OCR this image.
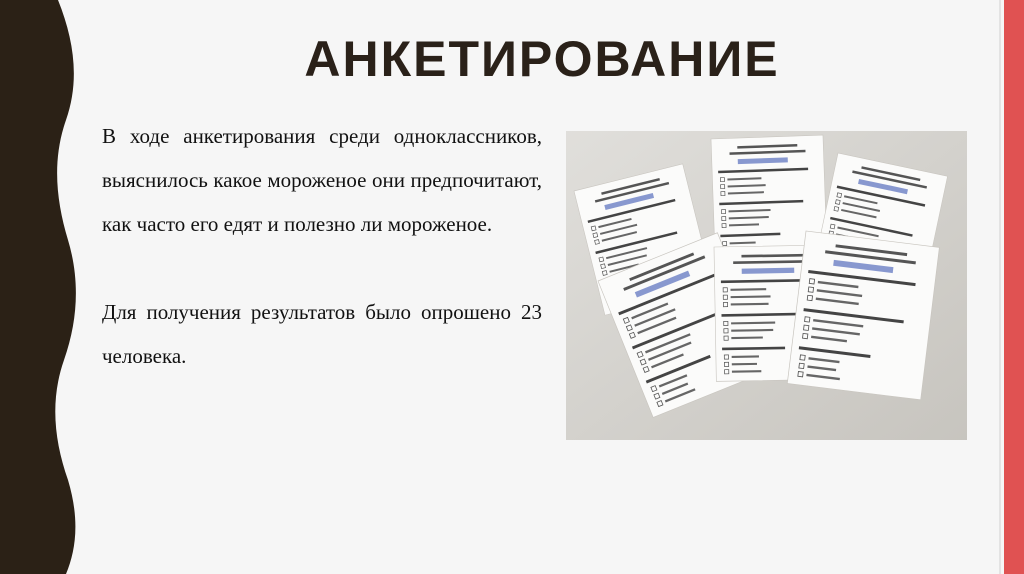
АНКЕТИРОВАНИЕ

В ходе анкетирования среди одноклассников, выяснилось какое мороженое они предпочитают, как часто его едят и полезно ли мороженое.

Для получения результатов было опрошено 23 человека.
